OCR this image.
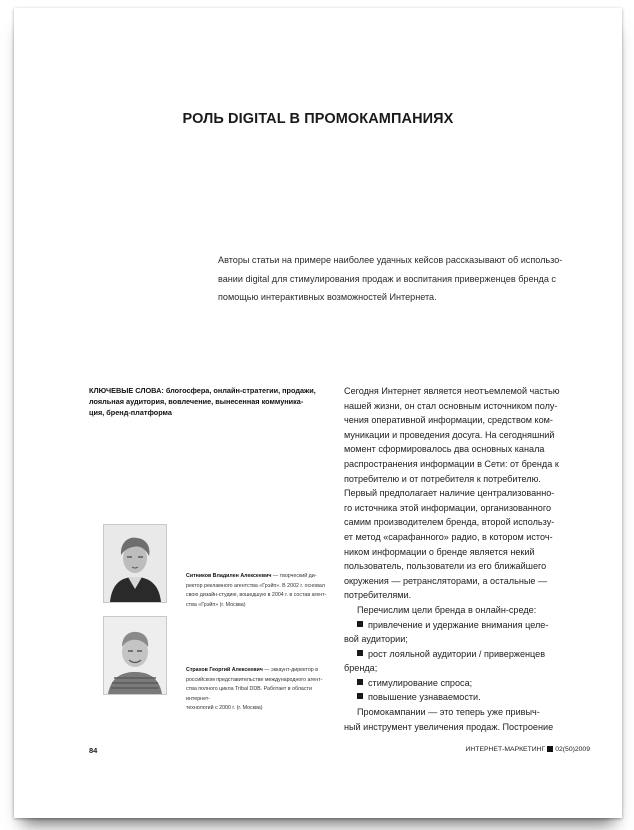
РОЛЬ DIGITAL В ПРОМОКАМПАНИЯХ
Авторы статьи на примере наиболее удачных кейсов рассказывают об использо-
вании digital для стимулирования продаж и воспитания приверженцев бренда с
помощью интерактивных возможностей Интернета.
КЛЮЧЕВЫЕ СЛОВА: блогосфера, онлайн-стратегии, продажи,
лояльная аудитория, вовлечение, вынесенная коммуника-
ция, бренд-платформа
Ситников Владилен Алексеевич — творческий ди-
ректор рекламного агентства «Грэйп». В 2002 г. основал
свою дизайн-студию, вошедшую в 2004 г. в состав агент-
ства «Грэйп» (г. Москва)
Страхов Георгий Алексеевич — эккаунт-директор в
российском представительстве международного агент-
ства полного цикла Tribal DDB. Работает в области интернет-
технологий с 2000 г. (г. Москва)

Сегодня Интернет является неотъемлемой частью
нашей жизни, он стал основным источником полу-
чения оперативной информации, средством ком-
муникации и проведения досуга. На сегодняшний
момент сформировалось два основных канала
распространения информации в Сети: от бренда к
потребителю и от потребителя к потребителю.
Первый предполагает наличие централизованно-
го источника этой информации, организованного
самим производителем бренда, второй использу-
ет метод «сарафанного» радио, в котором источ-
ником информации о бренде является некий
пользователь, пользователи из его ближайшего
окружения — ретрансляторами, а остальные —
потребителями.

Перечислим цели бренда в онлайн-среде:

привлечение и удержание внимания целе-
вой аудитории;
рост лояльной аудитории / приверженцев
бренда;
стимулирование спроса;
повышение узнаваемости.

Промокампании — это теперь уже привыч-
ный инструмент увеличения продаж. Построение

84	ИНТЕРНЕТ-МАРКЕТИНГ 02(50)2009
